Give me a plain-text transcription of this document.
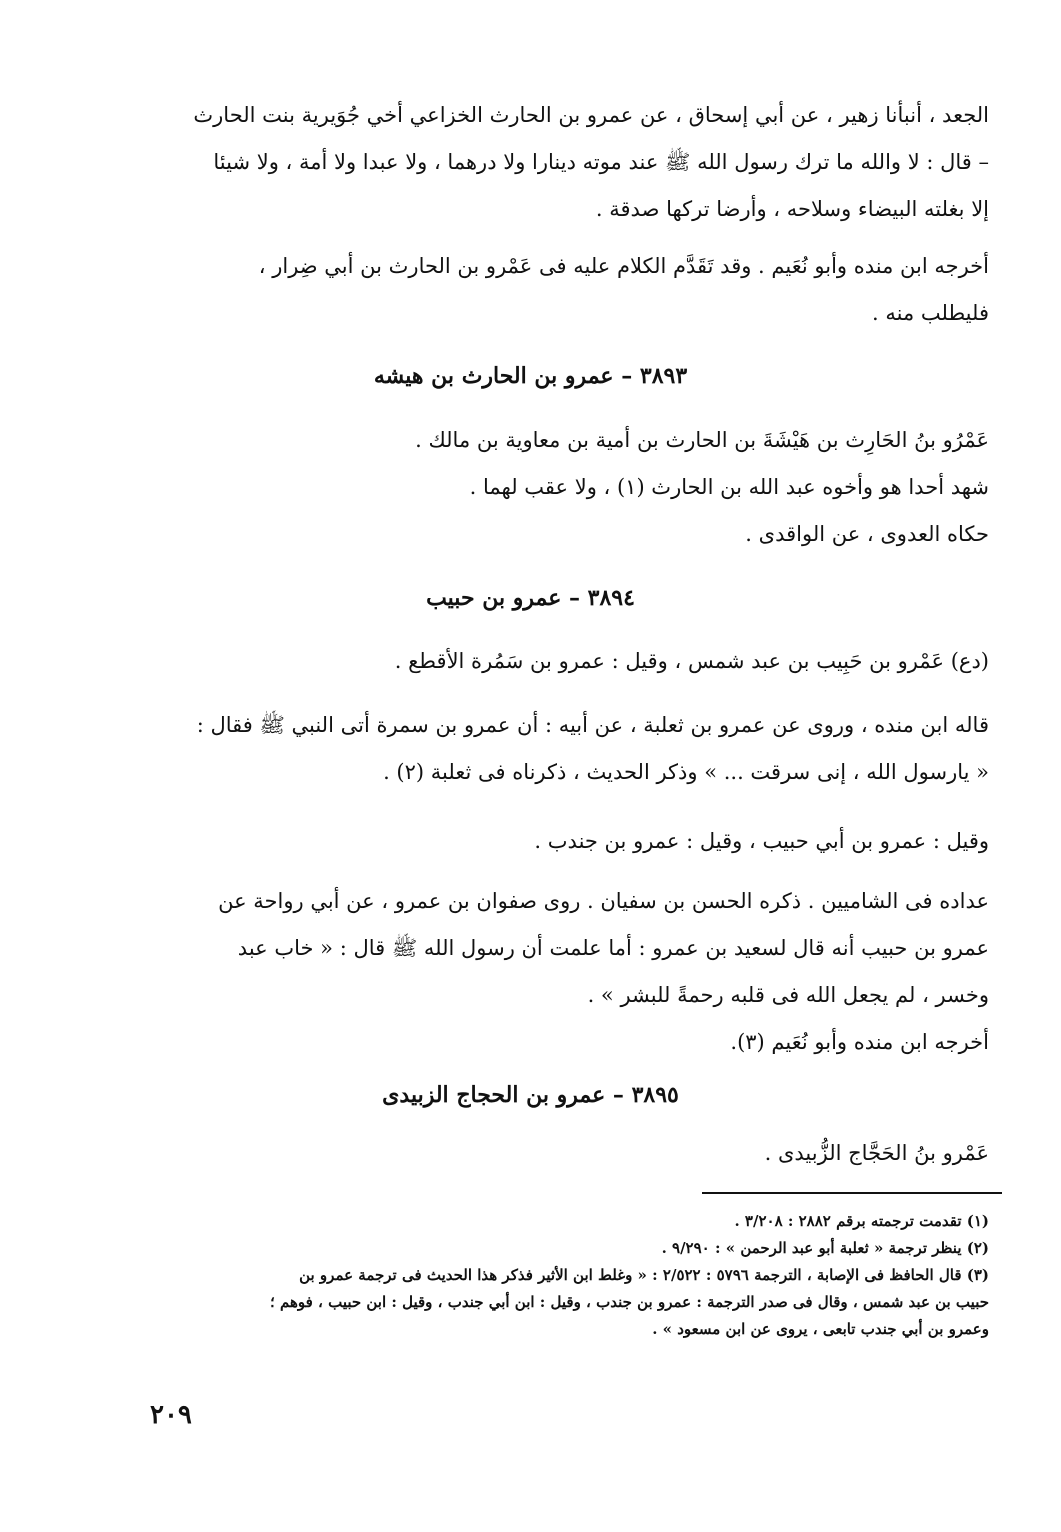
الجعد ، أنبأنا زهير ، عن أبي إسحاق ، عن عمرو بن الحارث الخزاعي أخي جُوَيرية بنت الحارث
– قال : لا والله ما ترك رسول الله ﷺ عند موته دينارا ولا درهما ، ولا عبدا ولا أمة ، ولا شيئا
إلا بغلته البيضاء وسلاحه ، وأرضا تركها صدقة .

أخرجه ابن منده وأبو نُعَيم . وقد تَقَدَّم الكلام عليه فى عَمْرو بن الحارث بن أبي ضِرار ،
فليطلب منه .

٣٨٩٣ – عمرو بن الحارث بن هيشه

عَمْرُو بنُ الحَارِث بن هَيْشَةَ بن الحارث بن أمية بن معاوية بن مالك .
شهد أحدا هو وأخوه عبد الله بن الحارث (١) ، ولا عقب لهما .
حكاه العدوى ، عن الواقدى .

٣٨٩٤ – عمرو بن حبيب

(دع) عَمْرو بن حَبِيب بن عبد شمس ، وقيل : عمرو بن سَمُرة الأقطع .

قاله ابن منده ، وروى عن عمرو بن ثعلبة ، عن أبيه : أن عمرو بن سمرة أتى النبي ﷺ فقال :
« يارسول الله ، إنى سرقت ... » وذكر الحديث ، ذكرناه فى ثعلبة (٢) .

وقيل : عمرو بن أبي حبيب ، وقيل : عمرو بن جندب .

عداده فى الشاميين . ذكره الحسن بن سفيان . روى صفوان بن عمرو ، عن أبي رواحة عن
عمرو بن حبيب أنه قال لسعيد بن عمرو : أما علمت أن رسول الله ﷺ قال : « خاب عبد
وخسر ، لم يجعل الله فى قلبه رحمةً للبشر » .
أخرجه ابن منده وأبو نُعَيم (٣).

٣٨٩٥ – عمرو بن الحجاج الزبيدى

عَمْرو بنُ الحَجَّاج الزُّبيدى .

(١) تقدمت ترجمته برقم ٢٨٨٢ : ٣/٢٠٨ .
(٢) ينظر ترجمة « ثعلبة أبو عبد الرحمن » : ٩/٢٩٠ .
(٣) قال الحافظ فى الإصابة ، الترجمة ٥٧٩٦ : ٢/٥٢٢ : « وغلط ابن الأثير فذكر هذا الحديث فى ترجمة عمرو بن
حبيب بن عبد شمس ، وقال فى صدر الترجمة : عمرو بن جندب ، وقيل : ابن أبي جندب ، وقيل : ابن حبيب ، فوهم ؛
وعمرو بن أبي جندب تابعى ، يروى عن ابن مسعود » .

٢٠٩
